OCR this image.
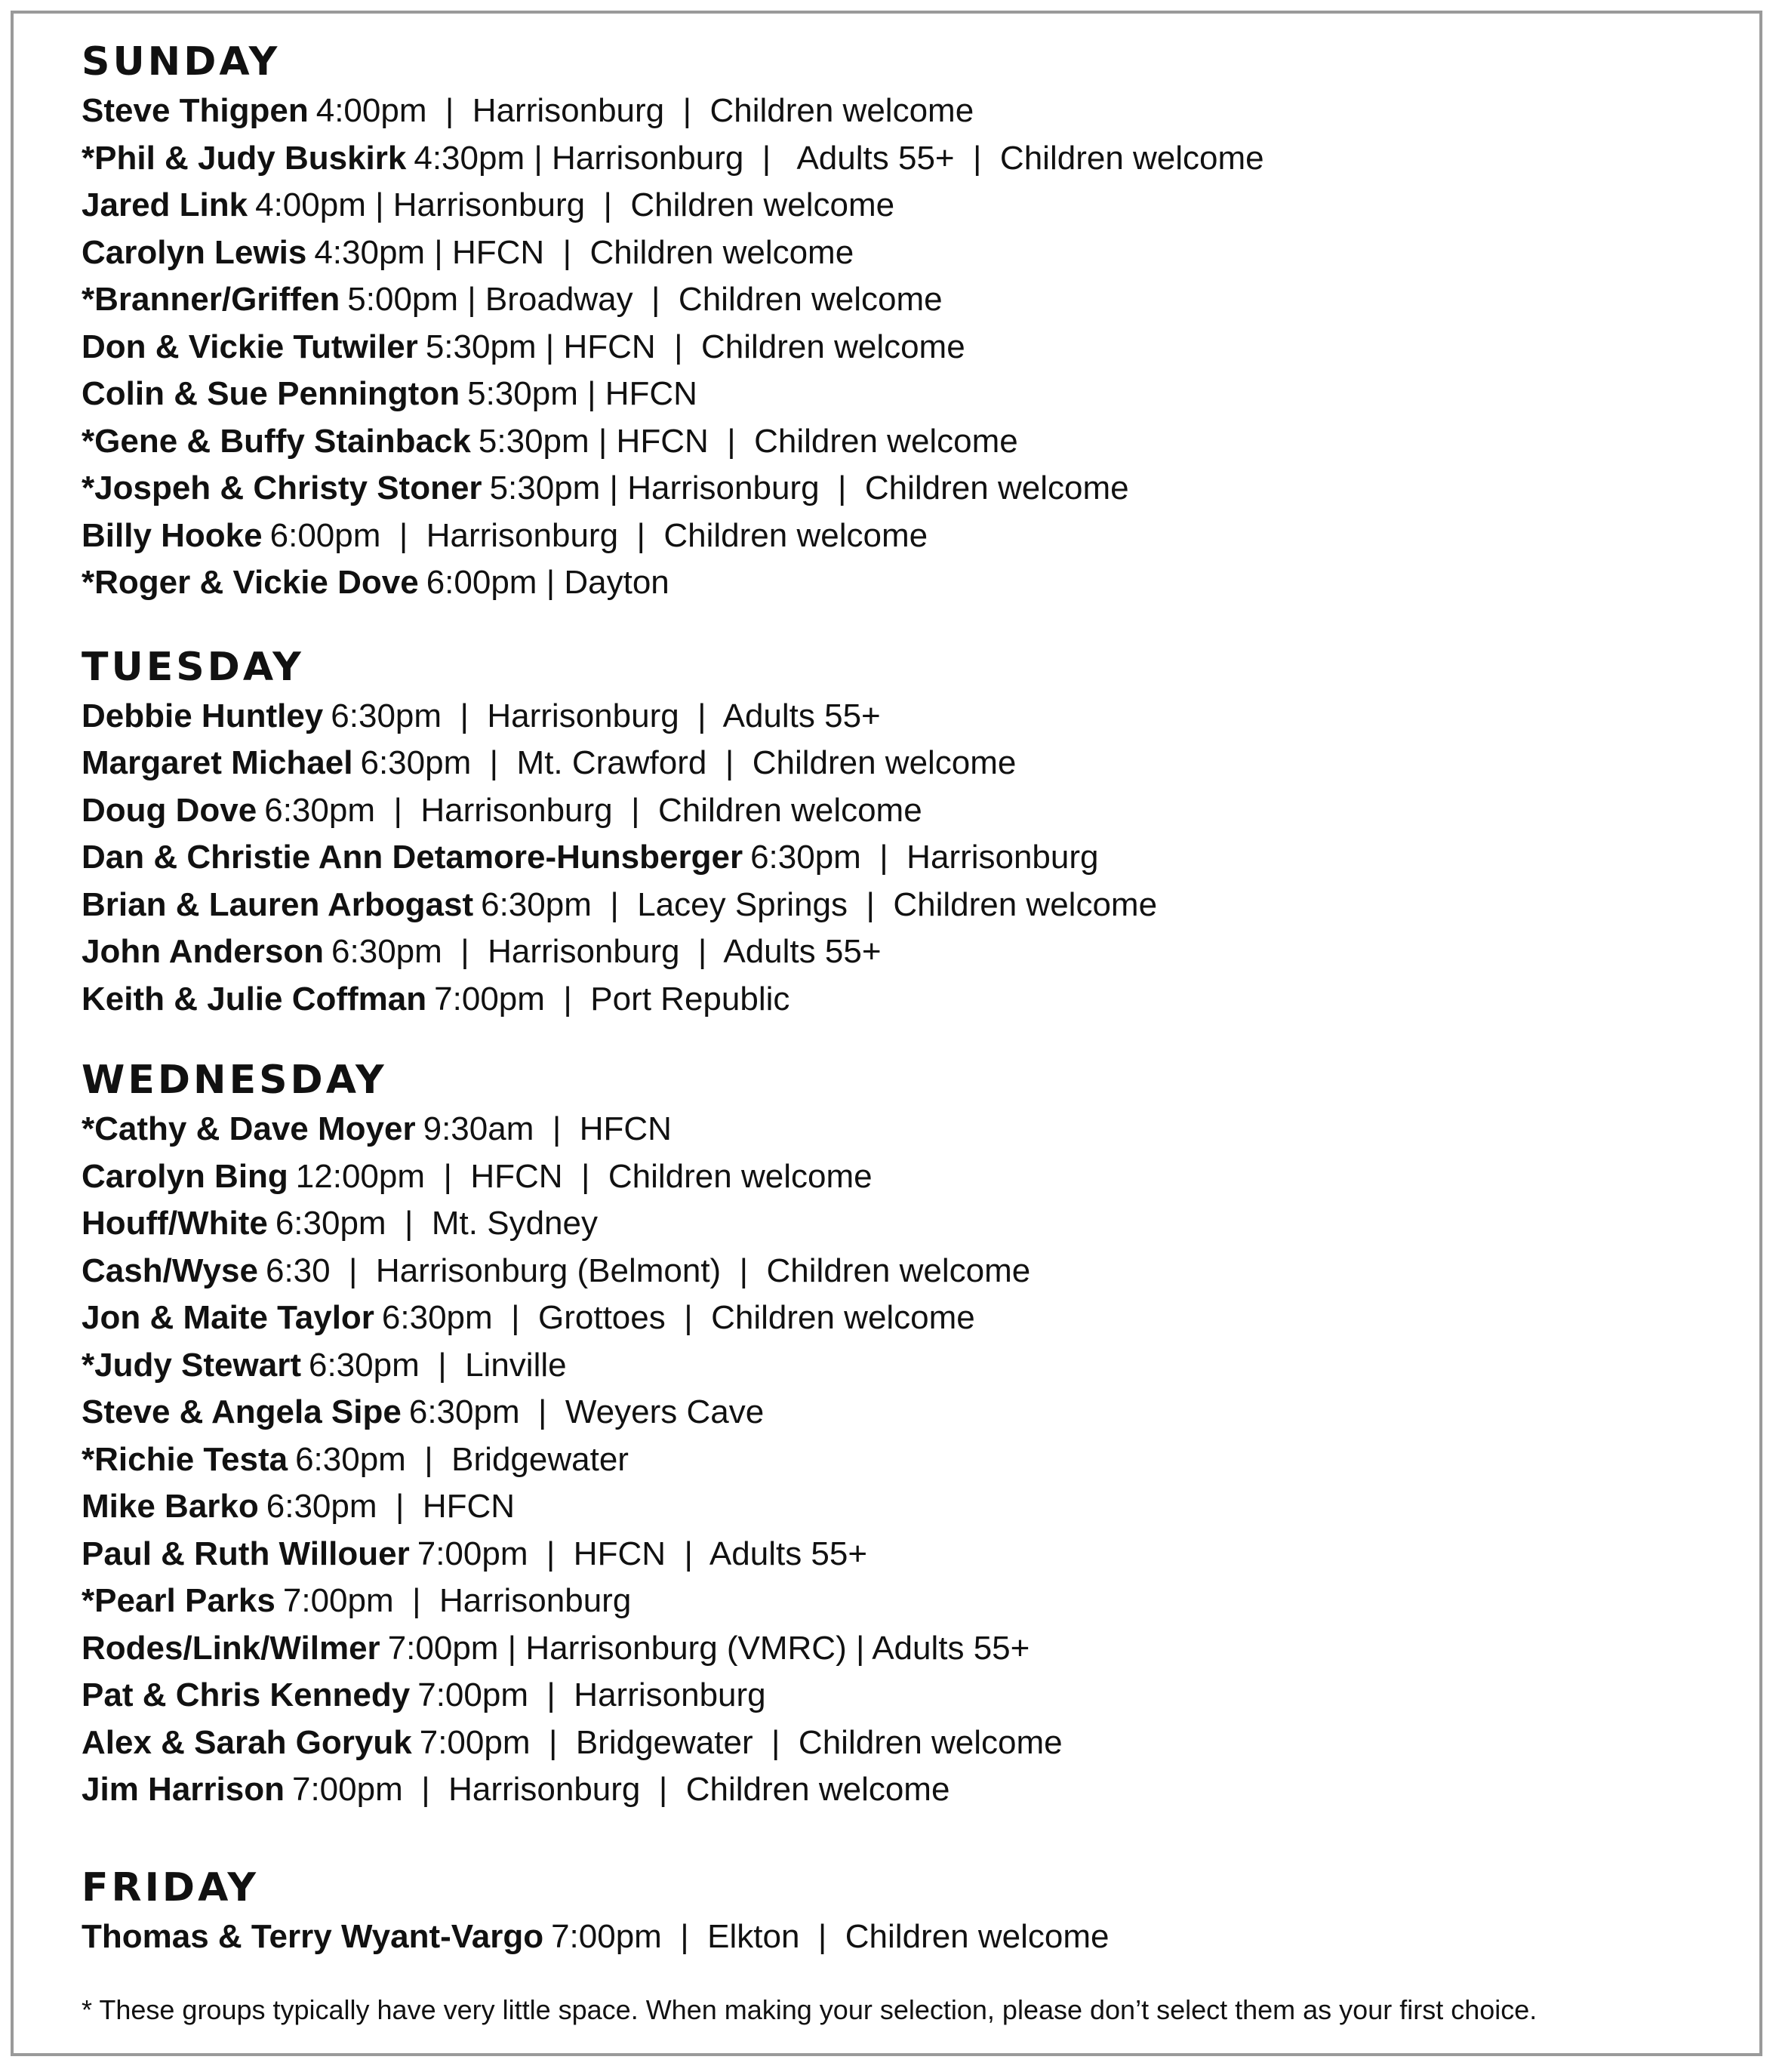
SUNDAY
Steve Thigpen 4:00pm  |  Harrisonburg  |  Children welcome
*Phil & Judy Buskirk 4:30pm | Harrisonburg  |   Adults 55+  |  Children welcome
Jared Link 4:00pm | Harrisonburg  |  Children welcome
Carolyn Lewis 4:30pm | HFCN  |  Children welcome
*Branner/Griffen 5:00pm | Broadway  |  Children welcome
Don & Vickie Tutwiler 5:30pm | HFCN  |  Children welcome
Colin & Sue Pennington 5:30pm | HFCN
*Gene & Buffy Stainback 5:30pm | HFCN  |  Children welcome
*Jospeh & Christy Stoner 5:30pm | Harrisonburg  |  Children welcome
Billy Hooke 6:00pm  |  Harrisonburg  |  Children welcome
*Roger & Vickie Dove 6:00pm | Dayton
TUESDAY
Debbie Huntley 6:30pm  |  Harrisonburg  |  Adults 55+
Margaret Michael 6:30pm  |  Mt. Crawford  |  Children welcome
Doug Dove 6:30pm  |  Harrisonburg  |  Children welcome
Dan & Christie Ann Detamore-Hunsberger 6:30pm  |  Harrisonburg
Brian & Lauren Arbogast 6:30pm  |  Lacey Springs  |  Children welcome
John Anderson 6:30pm  |  Harrisonburg  |  Adults 55+
Keith & Julie Coffman 7:00pm  |  Port Republic
WEDNESDAY
*Cathy & Dave Moyer 9:30am  |  HFCN
Carolyn Bing 12:00pm  |  HFCN  |  Children welcome
Houff/White 6:30pm  |  Mt. Sydney
Cash/Wyse 6:30  |  Harrisonburg (Belmont)  |  Children welcome
Jon & Maite Taylor 6:30pm  |  Grottoes  |  Children welcome
*Judy Stewart 6:30pm  |  Linville
Steve & Angela Sipe 6:30pm  |  Weyers Cave
*Richie Testa 6:30pm  |  Bridgewater
Mike Barko 6:30pm  |  HFCN
Paul & Ruth Willouer 7:00pm  |  HFCN  |  Adults 55+
*Pearl Parks 7:00pm  |  Harrisonburg
Rodes/Link/Wilmer 7:00pm | Harrisonburg (VMRC) | Adults 55+
Pat & Chris Kennedy 7:00pm  |  Harrisonburg
Alex & Sarah Goryuk 7:00pm  |  Bridgewater  |  Children welcome
Jim Harrison 7:00pm  |  Harrisonburg  |  Children welcome
FRIDAY
Thomas & Terry Wyant-Vargo 7:00pm  |  Elkton  |  Children welcome
* These groups typically have very little space. When making your selection, please don’t select them as your first choice.
